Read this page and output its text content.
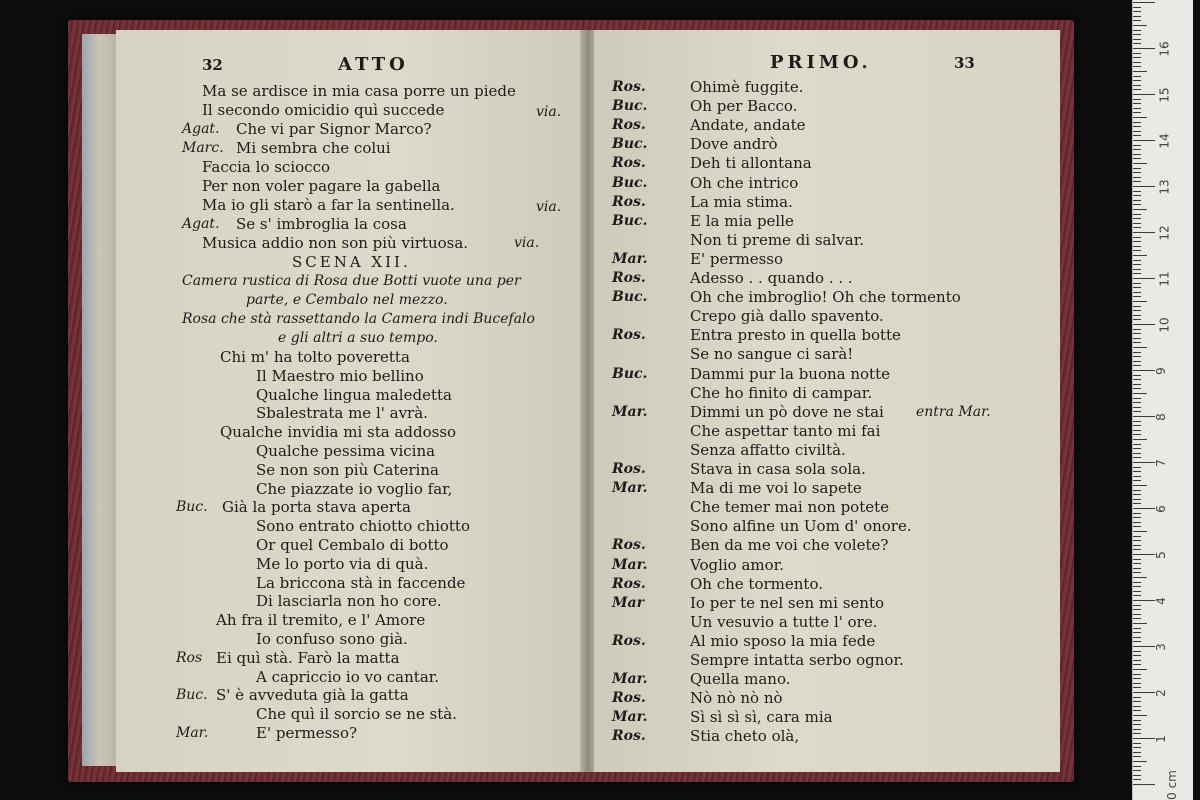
32	ATTO
Ma se ardisce in mia casa porre un piede
Il secondo omicidio quì succede	via.
Agat. Che vi par Signor Marco?
Marc. Mi sembra che colui
Faccia lo sciocco
Per non voler pagare la gabella
Ma io gli starò a far la sentinella.	via.
Agat. Se s' imbroglia la cosa
Musica addio non son più virtuosa.	via.
SCENA XII.
Camera rustica di Rosa due Botti vuote una per
parte, e Cembalo nel mezzo.
Rosa che stà rassettando la Camera indi Bucefalo
e gli altri a suo tempo.
Chi m' ha tolto poveretta
Il Maestro mio bellino
Qualche lingua maledetta
Sbalestrata me l' avrà.
Qualche invidia mi sta addosso
Qualche pessima vicina
Se non son più Caterina
Che piazzate io voglio far,
Buc. Già la porta stava aperta
Sono entrato chiotto chiotto
Or quel Cembalo di botto
Me lo porto via di quà.
La briccona stà in faccende
Di lasciarla non ho core.
Ah fra il tremito, e l' Amore
Io confuso sono già.
Ros Ei quì stà. Farò la matta
A capriccio io vo cantar.
Buc. S' è avveduta già la gatta
Che quì il sorcio se ne stà.
Mar.	E' permesso?
PRIMO.	33
Ros.	Ohimè fuggite.
Buc.	Oh per Bacco.
Ros.	Andate, andate
Buc.	Dove andrò
Ros.	Deh ti allontana
Buc.	Oh che intrico
Ros.	La mia stima.
Buc.	E la mia pelle
Non ti preme di salvar.
Mar.	E' permesso
Ros.	Adesso . . quando . . .
Buc.	Oh che imbroglio! Oh che tormento
Crepo già dallo spavento.
Ros.	Entra presto in quella botte
Se no sangue ci sarà!
Buc.	Dammi pur la buona notte
Che ho finito di campar.
Mar.	Dimmi un pò dove ne stai entra Mar.
Che aspettar tanto mi fai
Senza affatto civiltà.
Ros.	Stava in casa sola sola.
Mar.	Ma di me voi lo sapete
Che temer mai non potete
Sono alfine un Uom d' onore.
Ros.	Ben da me voi che volete?
Mar.	Voglio amor.
Ros.	Oh che tormento.
Mar	Io per te nel sen mi sento
Un vesuvio a tutte l' ore.
Ros.	Al mio sposo la mia fede
Sempre intatta serbo ognor.
Mar.	Quella mano.
Ros.	Nò nò nò nò
Mar.	Sì sì sì sì, cara mia
Ros.	Stia cheto olà,
16
15
14
13
12
11
10
9
8
7
6
5
4
3
2
1
0 cm
